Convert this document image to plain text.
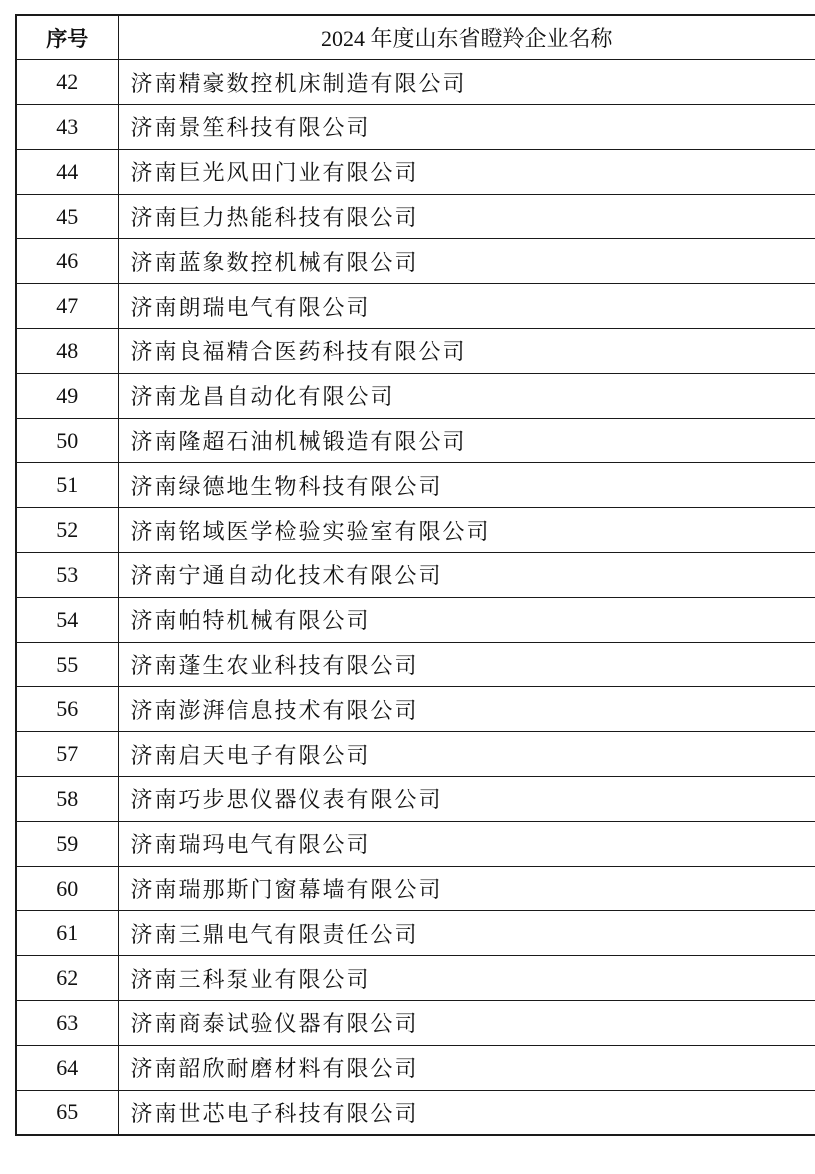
序号	2024 年度山东省瞪羚企业名称
42	济南精豪数控机床制造有限公司
43	济南景笙科技有限公司
44	济南巨光风田门业有限公司
45	济南巨力热能科技有限公司
46	济南蓝象数控机械有限公司
47	济南朗瑞电气有限公司
48	济南良福精合医药科技有限公司
49	济南龙昌自动化有限公司
50	济南隆超石油机械锻造有限公司
51	济南绿德地生物科技有限公司
52	济南铭域医学检验实验室有限公司
53	济南宁通自动化技术有限公司
54	济南帕特机械有限公司
55	济南蓬生农业科技有限公司
56	济南澎湃信息技术有限公司
57	济南启天电子有限公司
58	济南巧步思仪器仪表有限公司
59	济南瑞玛电气有限公司
60	济南瑞那斯门窗幕墙有限公司
61	济南三鼎电气有限责任公司
62	济南三科泵业有限公司
63	济南商泰试验仪器有限公司
64	济南韶欣耐磨材料有限公司
65	济南世芯电子科技有限公司
